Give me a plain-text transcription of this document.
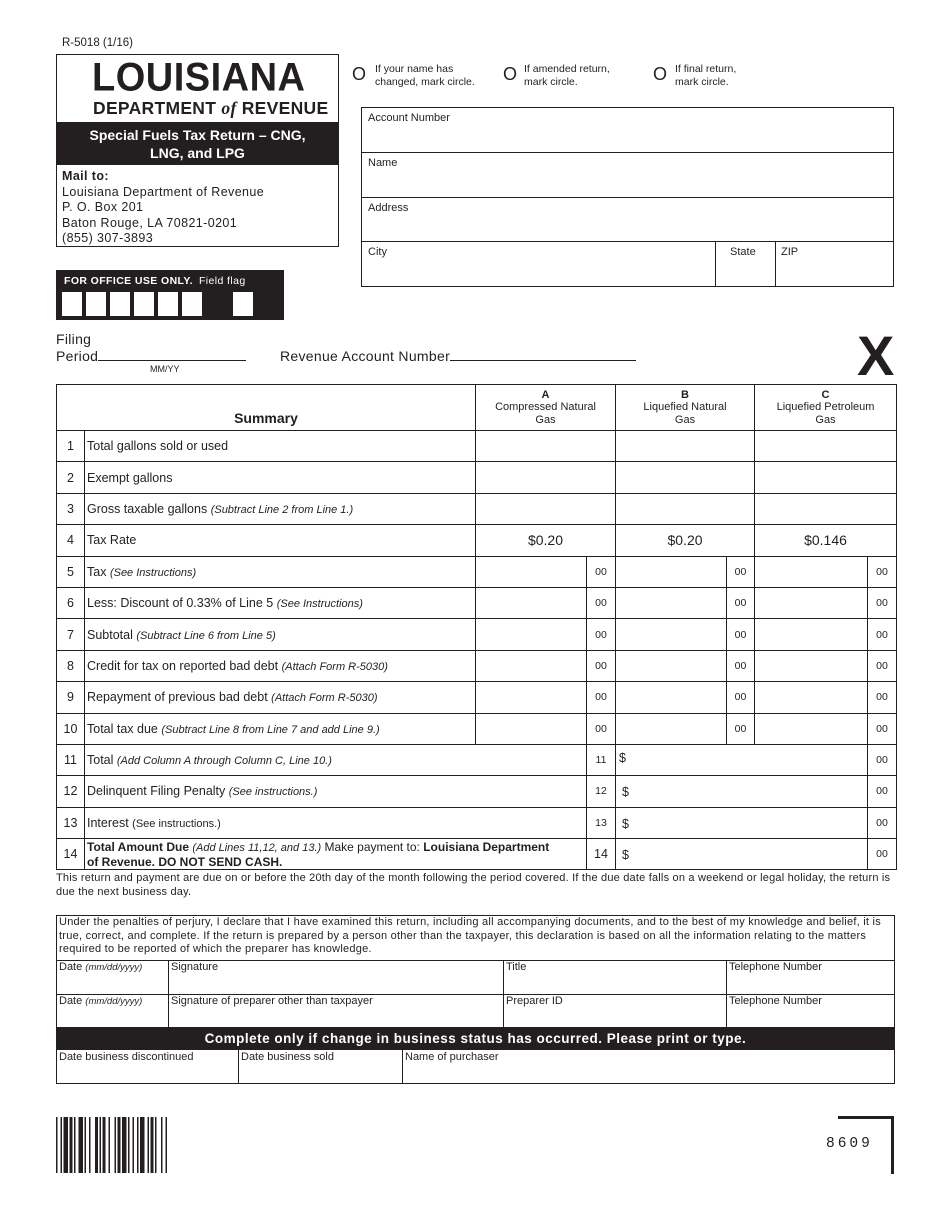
R-5018 (1/16)
LOUISIANA
DEPARTMENT of REVENUE
Special Fuels Tax Return – CNG,
LNG, and LPG
Mail to:
Louisiana Department of Revenue
P. O. Box 201
Baton Rouge, LA 70821-0201
(855) 307-3893
FOR OFFICE USE ONLY. Field flag
O If your name has
changed, mark circle. O If amended return,
mark circle.	O If final return,
mark circle.
Account Number
Name
Address
City	State ZIP
Filing
Period
MM/YY
Revenue Account Number	X
Summary		A
Compressed Natural
Gas		B
Liquefied Natural
Gas		C
Liquefied Petroleum
Gas	
1	Total gallons sold or used						
2	Exempt gallons						
3	Gross taxable gallons (Subtract Line 2 from Line 1.)						
4	Tax Rate	$0.20		$0.20		$0.146	
5	Tax (See Instructions)		00		00		00
6	Less: Discount of 0.33% of Line 5 (See Instructions)		00		00		00
7	Subtotal (Subtract Line 6 from Line 5)		00		00		00
8	Credit for tax on reported bad debt (Attach Form R-5030)		00		00		00
9	Repayment of previous bad debt (Attach Form R-5030)		00		00		00
10	Total tax due (Subtract Line 8 from Line 7 and add Line 9.)		00		00		00
11	Total (Add Column A through Column C, Line 10.)		11	$			00
12	Delinquent Filing Penalty (See instructions.)		12	$			00
13	Interest (See instructions.)		13	$			00
14	Total Amount Due (Add Lines 11,12, and 13.) Make payment to: Louisiana Department
of Revenue. DO NOT SEND CASH.		14	$			00
This return and payment are due on or before the 20th day of the month following the period covered. If the due date falls on a weekend or legal holiday, the return is due the next business day.
Under the penalties of perjury, I declare that I have examined this return, including all accompanying documents, and to the best of my knowledge and belief, it is true, correct, and complete. If the return is prepared by a person other than the taxpayer, this declaration is based on all the information relating to the matters required to be reported of which the preparer has knowledge.
Date (mm/dd/yyyy)	Signature	Title	Telephone Number
Date (mm/dd/yyyy)	Signature of preparer other than taxpayer	Preparer ID	Telephone Number
Complete only if change in business status has occurred. Please print or type.
Date business discontinued	Date business sold	Name of purchaser
8609
